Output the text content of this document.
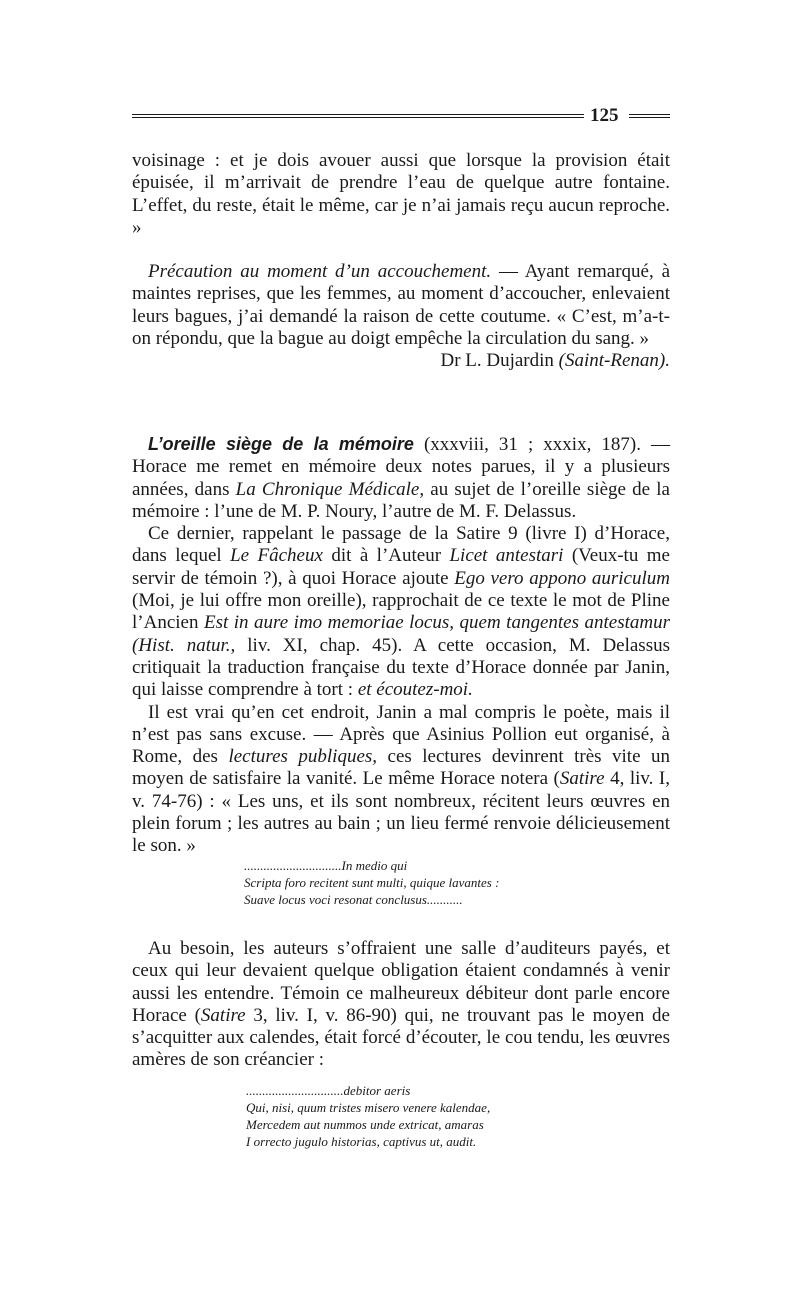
125

voisinage : et je dois avouer aussi que lorsque la provision était épuisée, il m’arrivait de prendre l’eau de quelque autre fontaine. L’effet, du reste, était le même, car je n’ai jamais reçu aucun reproche. »

Précaution au moment d’un accouchement. — Ayant remarqué, à maintes reprises, que les femmes, au moment d’accoucher, enlevaient leurs bagues, j’ai demandé la raison de cette coutume. « C’est, m’a-t-on répondu, que la bague au doigt empêche la circulation du sang. »

Dr L. Dujardin (Saint-Renan).

L’oreille siège de la mémoire (xxxviii, 31 ; xxxix, 187). — Horace me remet en mémoire deux notes parues, il y a plusieurs années, dans La Chronique Médicale, au sujet de l’oreille siège de la mémoire : l’une de M. P. Noury, l’autre de M. F. Delassus.

Ce dernier, rappelant le passage de la Satire 9 (livre I) d’Horace, dans lequel Le Fâcheux dit à l’Auteur Licet antestari (Veux-tu me servir de témoin ?), à quoi Horace ajoute Ego vero appono auriculum (Moi, je lui offre mon oreille), rapprochait de ce texte le mot de Pline l’Ancien Est in aure imo memoriae locus, quem tangentes antestamur (Hist. natur., liv. XI, chap. 45). A cette occasion, M. Delassus critiquait la traduction française du texte d’Horace donnée par Janin, qui laisse comprendre à tort : et écoutez-moi.

Il est vrai qu’en cet endroit, Janin a mal compris le poète, mais il n’est pas sans excuse. — Après que Asinius Pollion eut organisé, à Rome, des lectures publiques, ces lectures devinrent très vite un moyen de satisfaire la vanité. Le même Horace notera (Satire 4, liv. I, v. 74-76) : « Les uns, et ils sont nombreux, récitent leurs œuvres en plein forum ; les autres au bain ; un lieu fermé renvoie délicieusement le son. »

..............................In medio qui
Scripta foro recitent sunt multi, quique lavantes :
Suave locus voci resonat conclusus...........

Au besoin, les auteurs s’offraient une salle d’auditeurs payés, et ceux qui leur devaient quelque obligation étaient condamnés à venir aussi les entendre. Témoin ce malheureux débiteur dont parle encore Horace (Satire 3, liv. I, v. 86-90) qui, ne trouvant pas le moyen de s’acquitter aux calendes, était forcé d’écouter, le cou tendu, les œuvres amères de son créancier :

..............................debitor aeris
Qui, nisi, quum tristes misero venere kalendae,
Mercedem aut nummos unde extricat, amaras
I orrecto jugulo historias, captivus ut, audit.
